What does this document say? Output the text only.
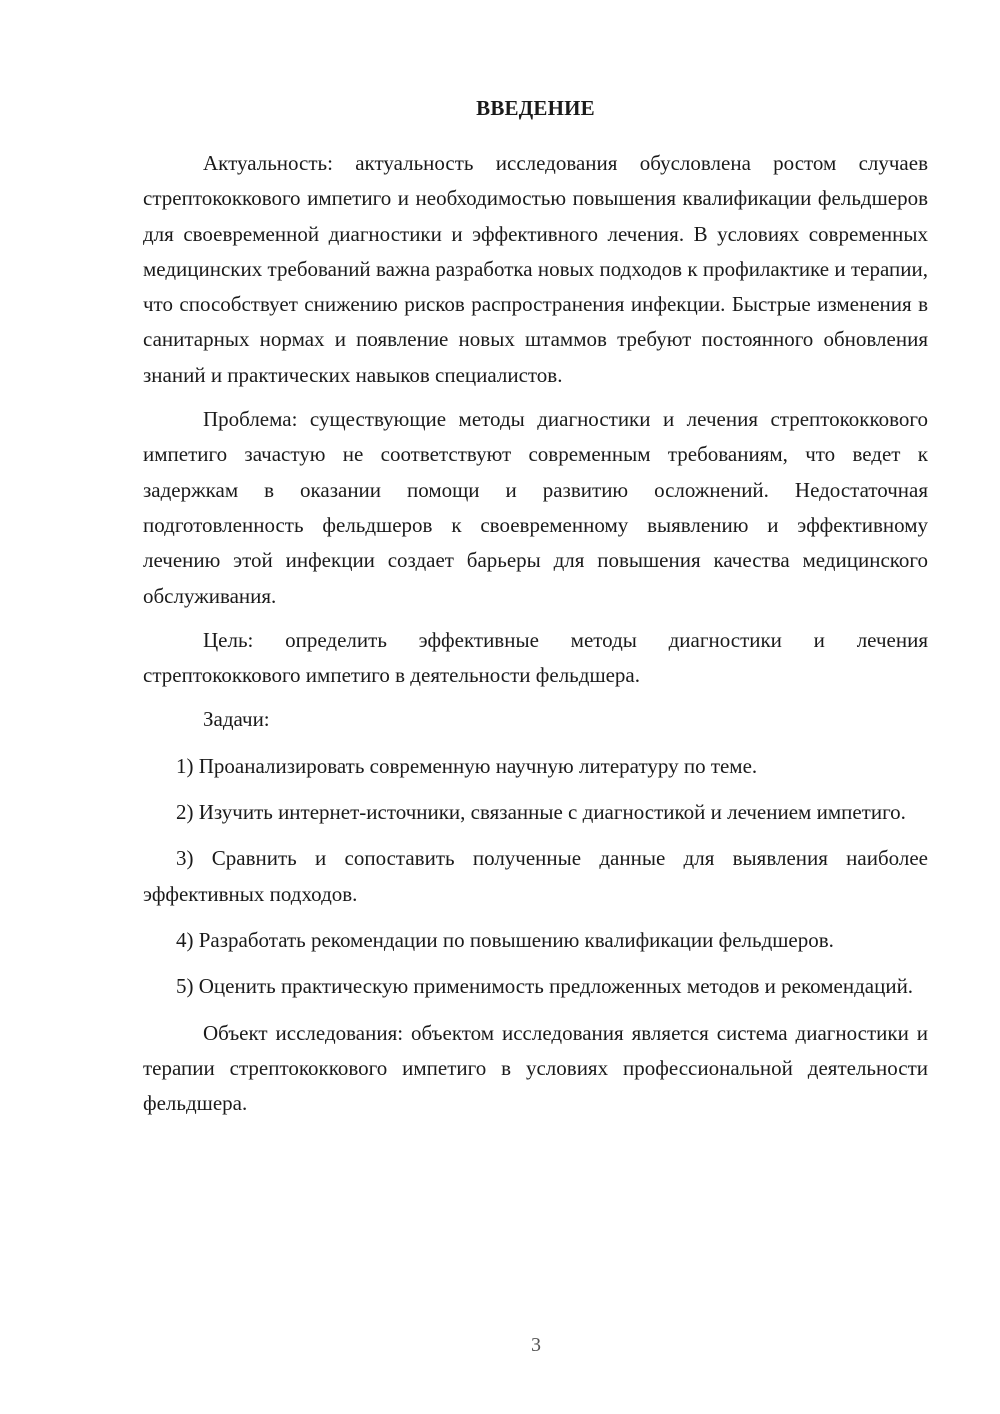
ВВЕДЕНИЕ

Актуальность: актуальность исследования обусловлена ростом случаев стрептококкового импетиго и необходимостью повышения квалификации фельдшеров для своевременной диагностики и эффективного лечения. В условиях современных медицинских требований важна разработка новых подходов к профилактике и терапии, что способствует снижению рисков распространения инфекции. Быстрые изменения в санитарных нормах и появление новых штаммов требуют постоянного обновления знаний и практических навыков специалистов.

Проблема: существующие методы диагностики и лечения стрептококкового импетиго зачастую не соответствуют современным требованиям, что ведет к задержкам в оказании помощи и развитию осложнений. Недостаточная подготовленность фельдшеров к своевременному выявлению и эффективному лечению этой инфекции создает барьеры для повышения качества медицинского обслуживания.

Цель: определить эффективные методы диагностики и лечения стрептококкового импетиго в деятельности фельдшера.

Задачи:

1) Проанализировать современную научную литературу по теме.

2) Изучить интернет-источники, связанные с диагностикой и лечением импетиго.

3) Сравнить и сопоставить полученные данные для выявления наиболее эффективных подходов.

4) Разработать рекомендации по повышению квалификации фельдшеров.

5) Оценить практическую применимость предложенных методов и рекомендаций.

Объект исследования: объектом исследования является система диагностики и терапии стрептококкового импетиго в условиях профессиональной деятельности фельдшера.

3
